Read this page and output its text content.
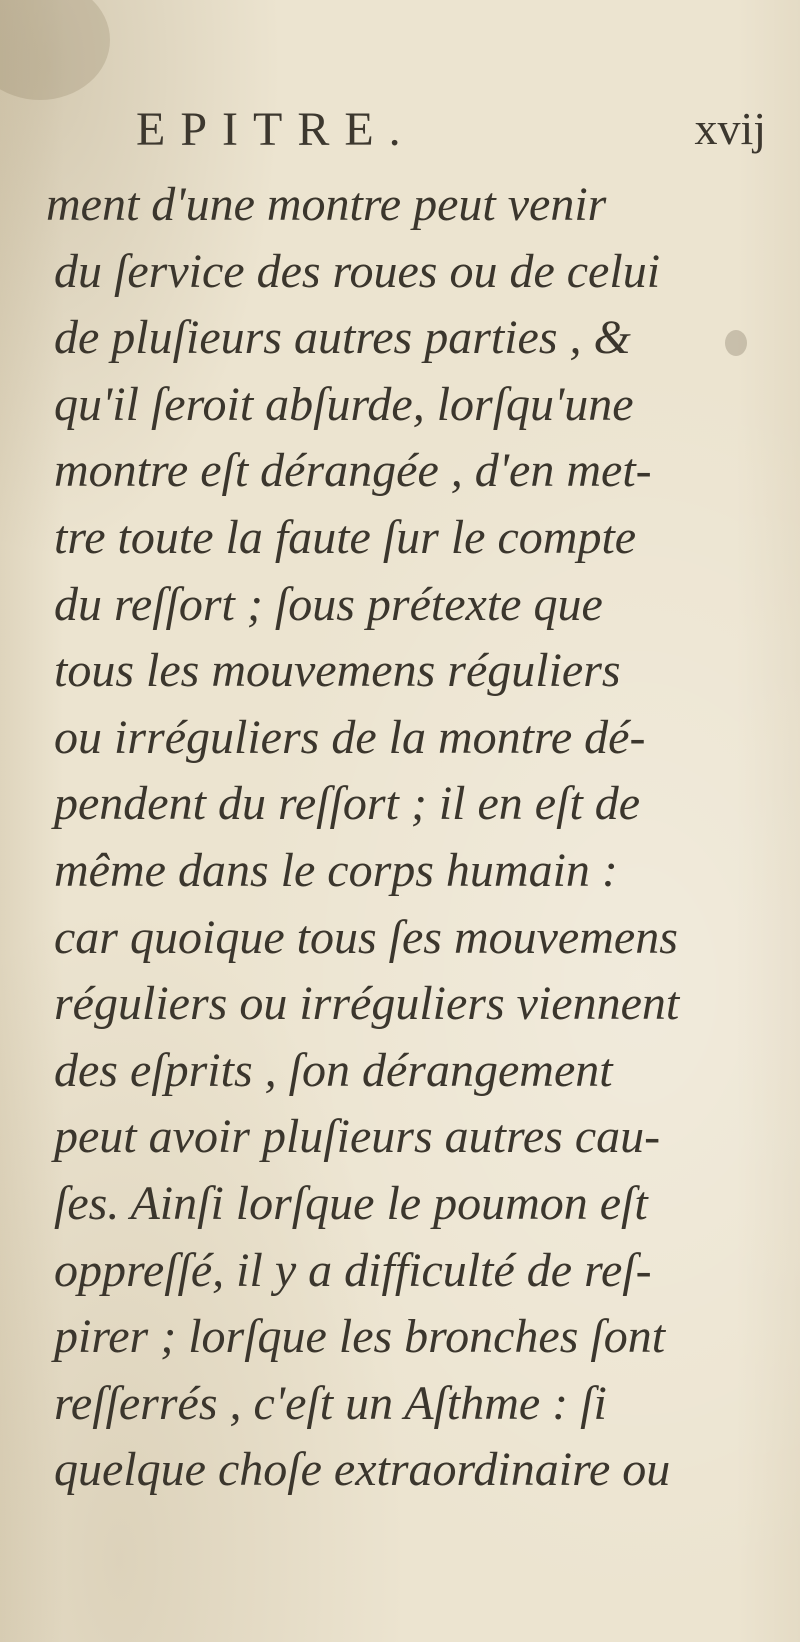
EPITRE.	xvij
ment d'une montre peut venir
du ſervice des roues ou de celui
de pluſieurs autres parties , &
qu'il ſeroit abſurde, lorſqu'une
montre eſt dérangée , d'en met-
tre toute la faute ſur le compte
du reſſort ; ſous prétexte que
tous les mouvemens réguliers
ou irréguliers de la montre dé-
pendent du reſſort ; il en eſt de
même dans le corps humain :
car quoique tous ſes mouvemens
réguliers ou irréguliers viennent
des eſprits , ſon dérangement
peut avoir pluſieurs autres cau-
ſes. Ainſi lorſque le poumon eſt
oppreſſé, il y a difficulté de reſ-
pirer ; lorſque les bronches ſont
reſſerrés , c'eſt un Aſthme : ſi
quelque choſe extraordinaire ou
